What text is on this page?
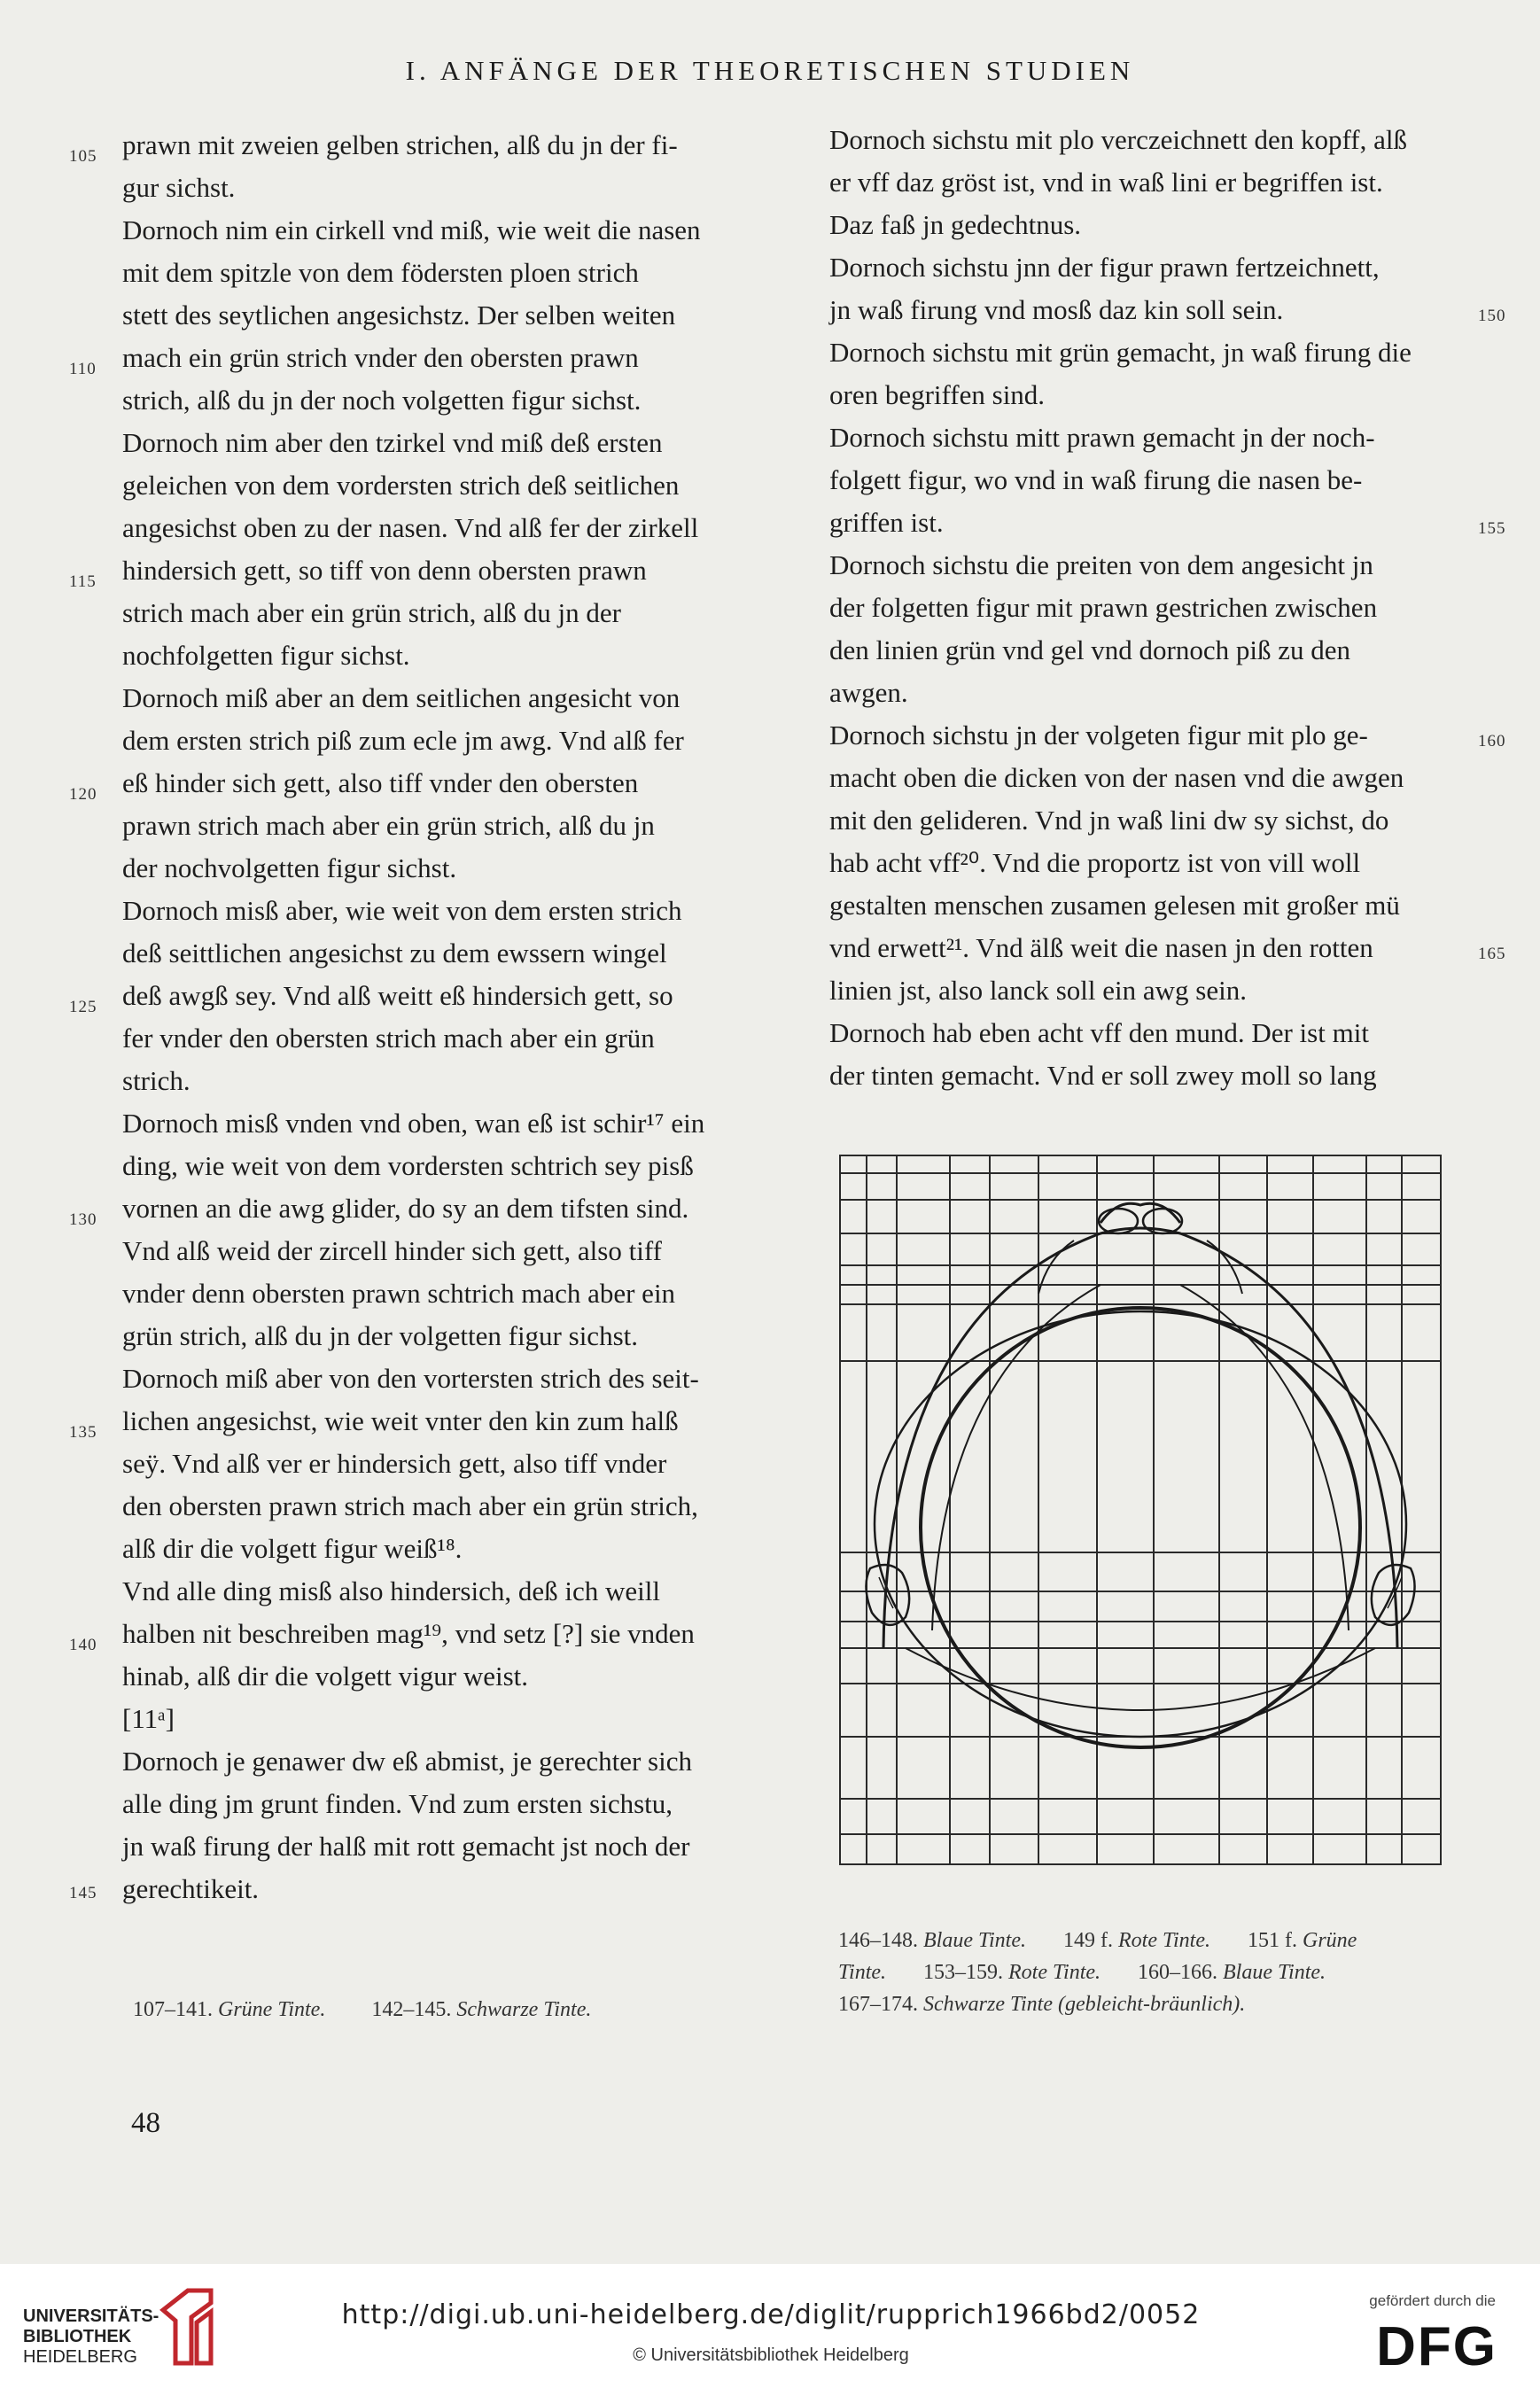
I. ANFÄNGE DER THEORETISCHEN STUDIEN
prawn mit zweien gelben strichen, alß du jn der fi-
gur sichst.
Dornoch nim ein cirkell vnd miß, wie weit die nasen
mit dem spitzle von dem födersten ploen strich
stett des seytlichen angesichstz. Der selben weiten
mach ein grün strich vnder den obersten prawn
strich, alß du jn der noch volgetten figur sichst.
Dornoch nim aber den tzirkel vnd miß deß ersten
geleichen von dem vordersten strich deß seitlichen
angesichst oben zu der nasen. Vnd alß fer der zirkell
hindersich gett, so tiff von denn obersten prawn
strich mach aber ein grün strich, alß du jn der
nochfolgetten figur sichst.
Dornoch miß aber an dem seitlichen angesicht von
dem ersten strich piß zum ecle jm awg. Vnd alß fer
eß hinder sich gett, also tiff vnder den obersten
prawn strich mach aber ein grün strich, alß du jn
der nochvolgetten figur sichst.
Dornoch misß aber, wie weit von dem ersten strich
deß seittlichen angesichst zu dem ewssern wingel
deß awgß sey. Vnd alß weitt eß hindersich gett, so
fer vnder den obersten strich mach aber ein grün
strich.
Dornoch misß vnden vnd oben, wan eß ist schir¹⁷ ein
ding, wie weit von dem vordersten schtrich sey pisß
vornen an die awg glider, do sy an dem tifsten sind.
Vnd alß weid der zircell hinder sich gett, also tiff
vnder denn obersten prawn schtrich mach aber ein
grün strich, alß du jn der volgetten figur sichst.
Dornoch miß aber von den vortersten strich des seit-
lichen angesichst, wie weit vnter den kin zum halß
seÿ. Vnd alß ver er hindersich gett, also tiff vnder
den obersten prawn strich mach aber ein grün strich,
alß dir die volgett figur weiß¹⁸.
Vnd alle ding misß also hindersich, deß ich weill
halben nit beschreiben mag¹⁹, vnd setz [?] sie vnden
hinab, alß dir die volgett vigur weist.
[11ᵃ]
Dornoch je genawer dw eß abmist, je gerechter sich
alle ding jm grunt finden. Vnd zum ersten sichstu,
jn waß firung der halß mit rott gemacht jst noch der
gerechtikeit.
105
110
115
120
125
130
135
140
145
107–141. Grüne Tinte. 142–145. Schwarze Tinte.
Dornoch sichstu mit plo verczeichnett den kopff, alß
er vff daz gröst ist, vnd in waß lini er begriffen ist.
Daz faß jn gedechtnus.
Dornoch sichstu jnn der figur prawn fertzeichnett,
jn waß firung vnd mosß daz kin soll sein.
Dornoch sichstu mit grün gemacht, jn waß firung die
oren begriffen sind.
Dornoch sichstu mitt prawn gemacht jn der noch-
folgett figur, wo vnd in waß firung die nasen be-
griffen ist.
Dornoch sichstu die preiten von dem angesicht jn
der folgetten figur mit prawn gestrichen zwischen
den linien grün vnd gel vnd dornoch piß zu den
awgen.
Dornoch sichstu jn der volgeten figur mit plo ge-
macht oben die dicken von der nasen vnd die awgen
mit den gelideren. Vnd jn waß lini dw sy sichst, do
hab acht vff²⁰. Vnd die proportz ist von vill woll
gestalten menschen zusamen gelesen mit großer mü
vnd erwett²¹. Vnd älß weit die nasen jn den rotten
linien jst, also lanck soll ein awg sein.
Dornoch hab eben acht vff den mund. Der ist mit
der tinten gemacht. Vnd er soll zwey moll so lang
150
155
160
165
146–148. Blaue Tinte. 149 f. Rote Tinte. 151 f. Grüne
Tinte. 153–159. Rote Tinte. 160–166. Blaue Tinte.
167–174. Schwarze Tinte (gebleicht-bräunlich).
48
UNIVERSITÄTS-
BIBLIOTHEK
HEIDELBERG
http://digi.ub.uni-heidelberg.de/diglit/rupprich1966bd2/0052
© Universitätsbibliothek Heidelberg
gefördert durch die
DFG
